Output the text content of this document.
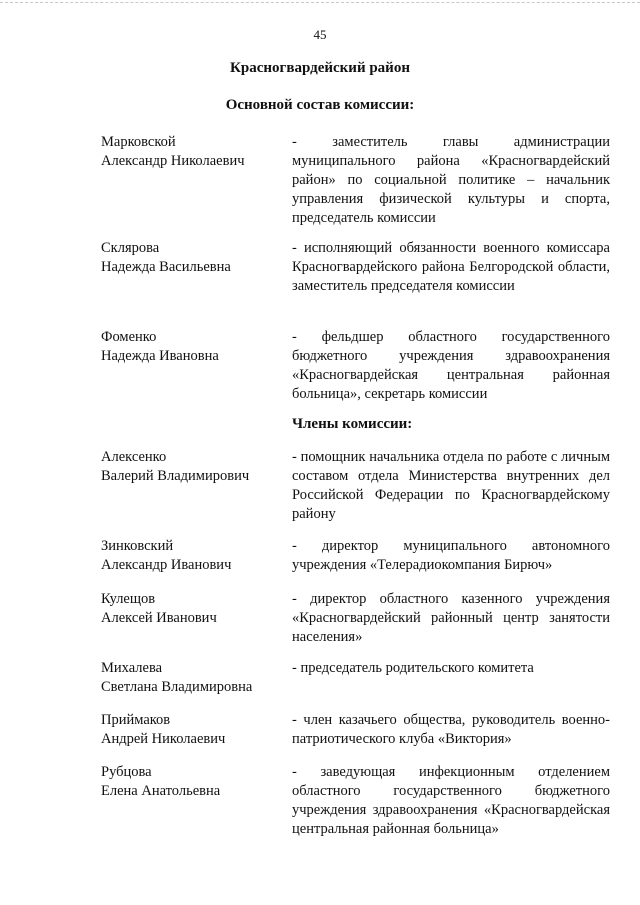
45
Красногвардейский район
Основной состав комиссии:
Марковской
Александр Николаевич
- заместитель главы администрации муниципального района «Красногвардейский район» по социальной политике – начальник управления физической культуры и спорта, председатель комиссии
Склярова
Надежда Васильевна
- исполняющий обязанности военного комиссара Красногвардейского района Белгородской области, заместитель председателя комиссии
Фоменко
Надежда Ивановна
- фельдшер областного государственного бюджетного учреждения здравоохранения «Красногвардейская центральная районная больница», секретарь комиссии
Члены комиссии:
Алексенко
Валерий Владимирович
- помощник начальника отдела по работе с личным составом отдела Министерства внутренних дел Российской Федерации по Красногвардейскому району
Зинковский
Александр Иванович
- директор муниципального автономного учреждения «Телерадиокомпания Бирюч»
Кулещов
Алексей Иванович
- директор областного казенного учреждения «Красногвардейский районный центр занятости населения»
Михалева
Светлана Владимировна
- председатель родительского комитета
Приймаков
Андрей Николаевич
- член казачьего общества, руководитель военно-патриотического клуба «Виктория»
Рубцова
Елена Анатольевна
- заведующая инфекционным отделением областного государственного бюджетного учреждения здравоохранения «Красногвардейская центральная районная больница»
